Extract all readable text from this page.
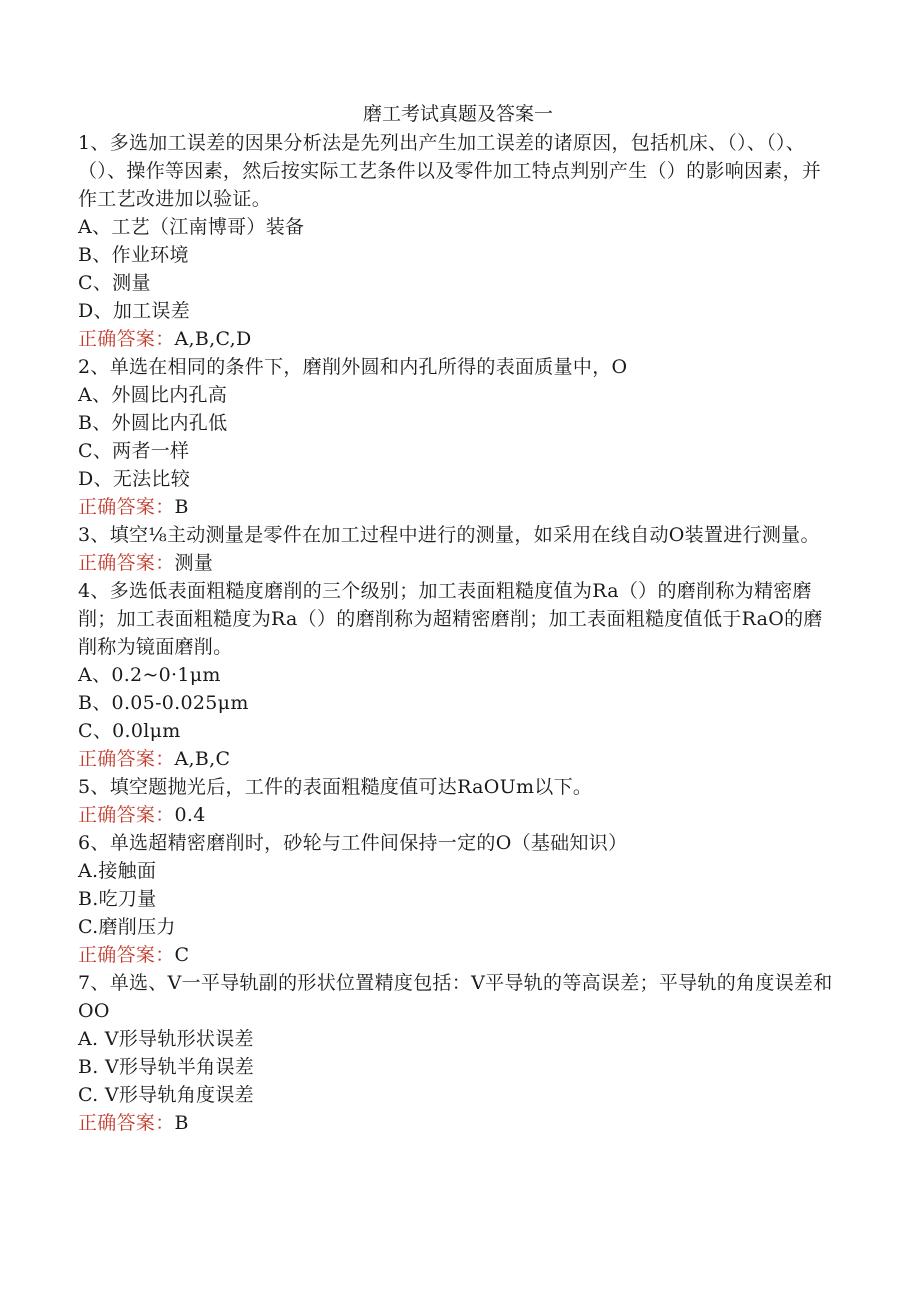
磨工考试真题及答案一

1、多选加工误差的因果分析法是先列出产生加工误差的诸原因，包括机床、（）、（）、（）、操作等因素，然后按实际工艺条件以及零件加工特点判别产生（）的影响因素，并作工艺改进加以验证。

A、工艺（江南博哥）装备

B、作业环境

C、测量

D、加工误差

正确答案：A,B,C,D

2、单选在相同的条件下，磨削外圆和内孔所得的表面质量中，O

A、外圆比内孔高

B、外圆比内孔低

C、两者一样

D、无法比较

正确答案：B

3、填空⅛主动测量是零件在加工过程中进行的测量，如采用在线自动O装置进行测量。

正确答案：测量

4、多选低表面粗糙度磨削的三个级别；加工表面粗糙度值为Ra（）的磨削称为精密磨削；加工表面粗糙度为Ra（）的磨削称为超精密磨削；加工表面粗糙度值低于RaO的磨削称为镜面磨削。

A、0.2~0·1μm

B、0.05-0.025μm

C、0.0lμm

正确答案：A,B,C

5、填空题抛光后，工件的表面粗糙度值可达RaOUm以下。

正确答案：0.4

6、单选超精密磨削时，砂轮与工件间保持一定的O（基础知识）

A.接触面

B.吃刀量

C.磨削压力

正确答案：C

7、单选、V一平导轨副的形状位置精度包括：V平导轨的等高误差；平导轨的角度误差和OO

A. V形导轨形状误差

B. V形导轨半角误差

C. V形导轨角度误差

正确答案：B
